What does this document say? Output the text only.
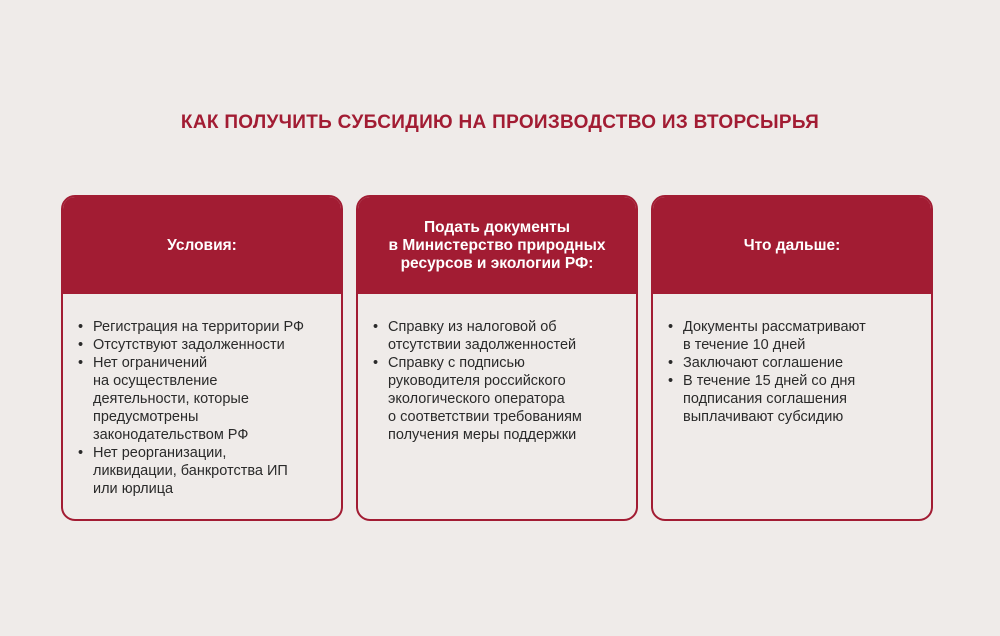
КАК ПОЛУЧИТЬ СУБСИДИЮ НА ПРОИЗВОДСТВО ИЗ ВТОРСЫРЬЯ
Условия:
• Регистрация на территории РФ
• Отсутствуют задолженности
• Нет ограничений
на осуществление
деятельности, которые
предусмотрены
законодательством РФ
• Нет реорганизации,
ликвидации, банкротства ИП
или юрлица
Подать документы
в Министерство природных
ресурсов и экологии РФ:
• Справку из налоговой об
отсутствии задолженностей
• Справку с подписью
руководителя российского
экологического оператора
о соответствии требованиям
получения меры поддержки
Что дальше:
• Документы рассматривают
в течение 10 дней
• Заключают соглашение
• В течение 15 дней со дня
подписания соглашения
выплачивают субсидию
